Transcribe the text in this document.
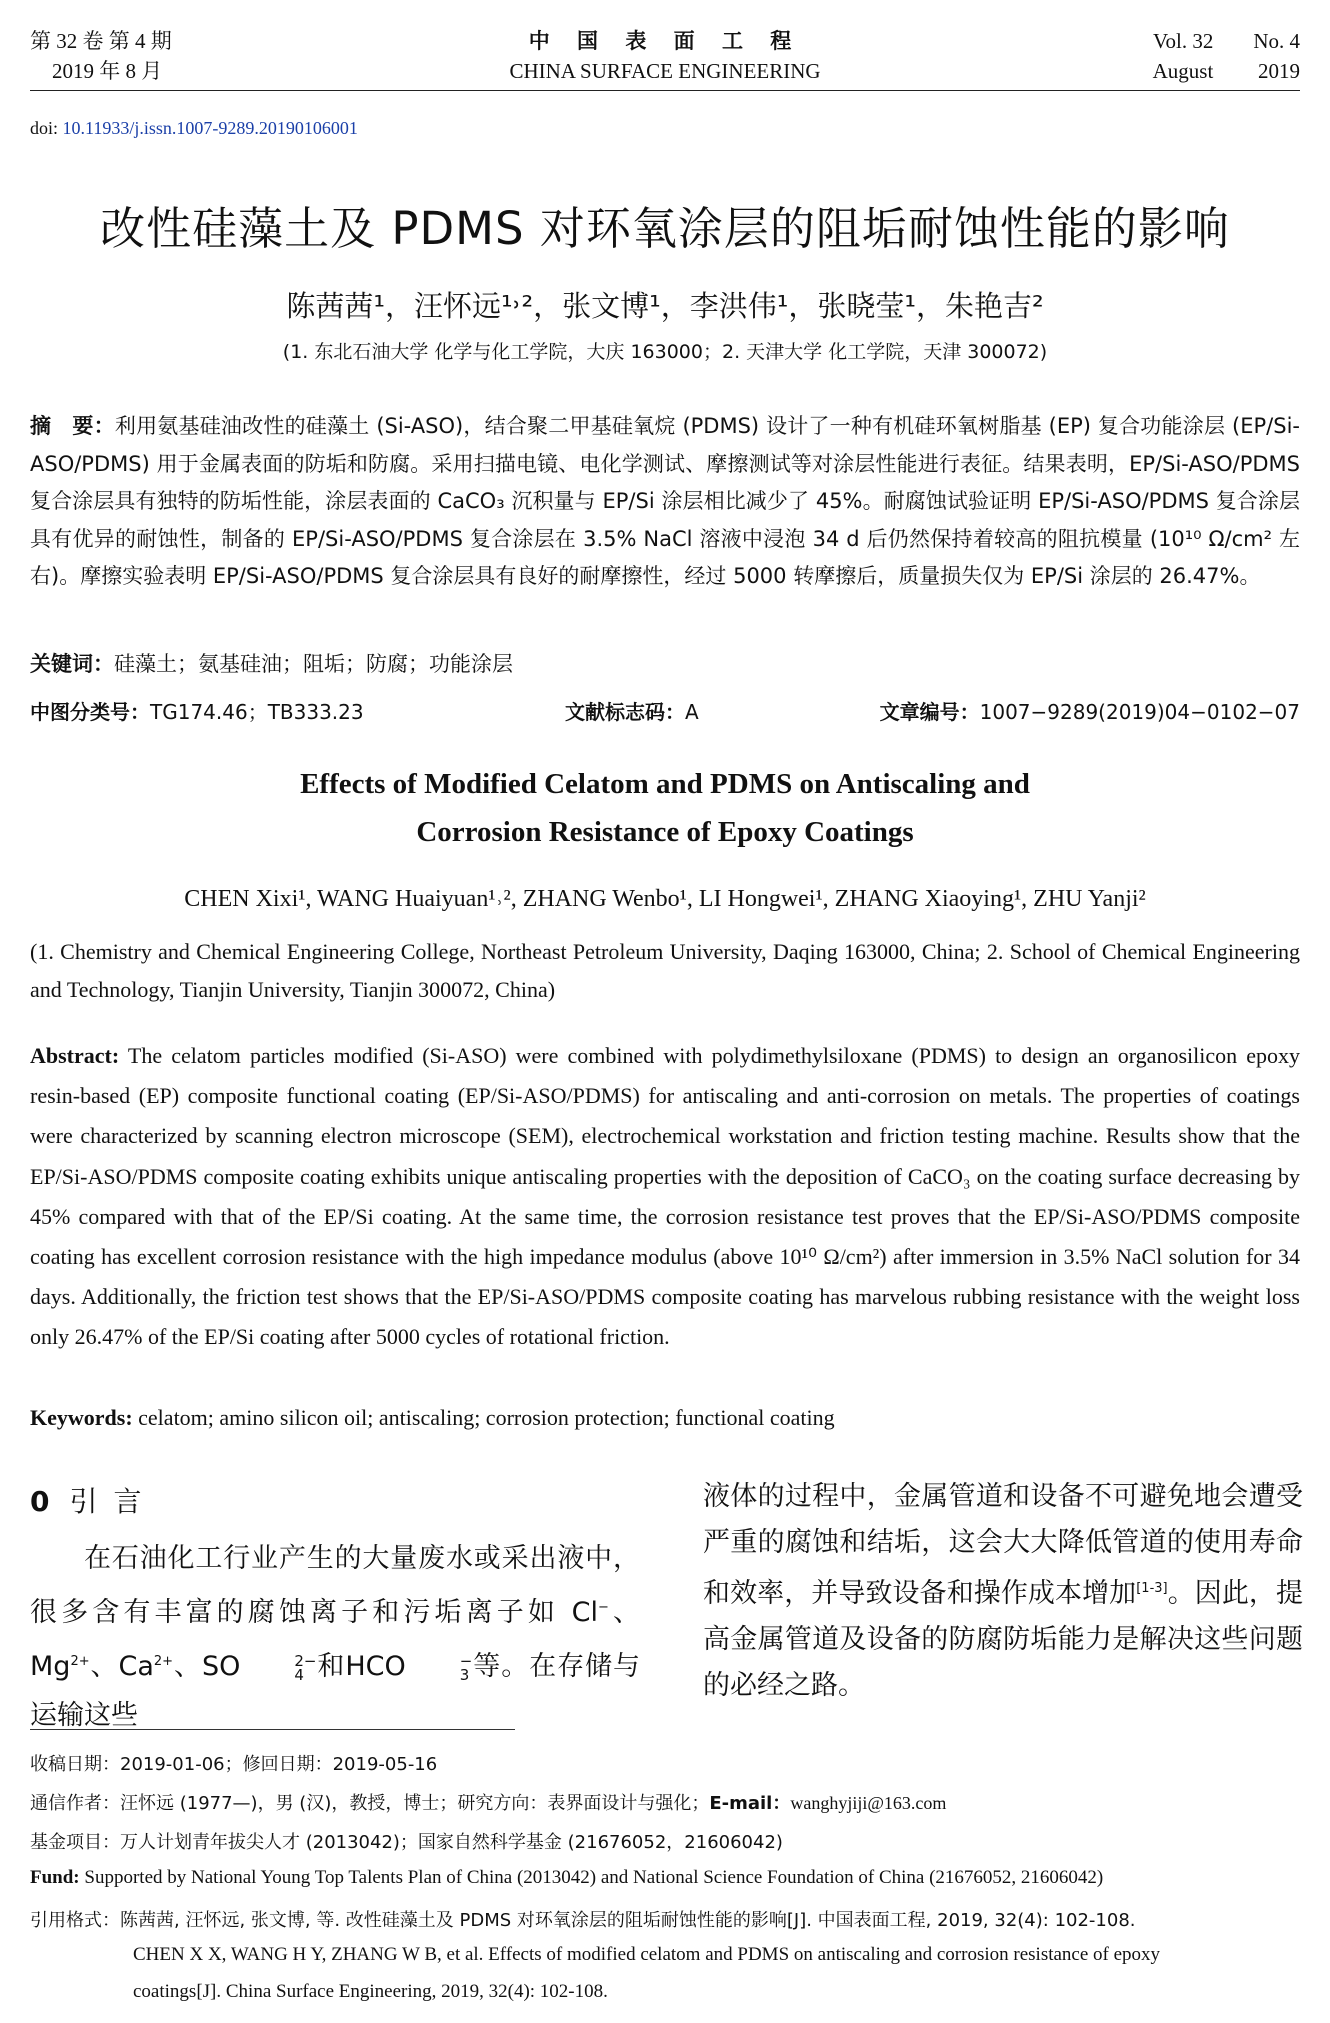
第 32 卷 第 4 期
2019 年 8 月
中 国 表 面 工 程
CHINA SURFACE ENGINEERING
Vol. 32	No. 4
August	2019
doi: 10.11933/j.issn.1007-9289.20190106001
改性硅藻土及 PDMS 对环氧涂层的阻垢耐蚀性能的影响
陈茜茜¹，汪怀远¹˒²，张文博¹，李洪伟¹，张晓莹¹，朱艳吉²
(1. 东北石油大学 化学与化工学院，大庆 163000；2. 天津大学 化工学院，天津 300072)
摘　要：利用氨基硅油改性的硅藻土 (Si-ASO)，结合聚二甲基硅氧烷 (PDMS) 设计了一种有机硅环氧树脂基 (EP) 复合功能涂层 (EP/Si-ASO/PDMS) 用于金属表面的防垢和防腐。采用扫描电镜、电化学测试、摩擦测试等对涂层性能进行表征。结果表明，EP/Si-ASO/PDMS 复合涂层具有独特的防垢性能，涂层表面的 CaCO₃ 沉积量与 EP/Si 涂层相比减少了 45%。耐腐蚀试验证明 EP/Si-ASO/PDMS 复合涂层具有优异的耐蚀性，制备的 EP/Si-ASO/PDMS 复合涂层在 3.5% NaCl 溶液中浸泡 34 d 后仍然保持着较高的阻抗模量 (10¹⁰ Ω/cm² 左右)。摩擦实验表明 EP/Si-ASO/PDMS 复合涂层具有良好的耐摩擦性，经过 5000 转摩擦后，质量损失仅为 EP/Si 涂层的 26.47%。
关键词：硅藻土；氨基硅油；阻垢；防腐；功能涂层
中图分类号：TG174.46；TB333.23	文献标志码：A	文章编号：1007−9289(2019)04−0102−07
Effects of Modified Celatom and PDMS on Antiscaling and
Corrosion Resistance of Epoxy Coatings
CHEN Xixi¹, WANG Huaiyuan¹˒², ZHANG Wenbo¹, LI Hongwei¹, ZHANG Xiaoying¹, ZHU Yanji²
(1. Chemistry and Chemical Engineering College, Northeast Petroleum University, Daqing 163000, China; 2. School of Chemical Engineering and Technology, Tianjin University, Tianjin 300072, China)
Abstract: The celatom particles modified (Si-ASO) were combined with polydimethylsiloxane (PDMS) to design an organosilicon epoxy resin-based (EP) composite functional coating (EP/Si-ASO/PDMS) for antiscaling and anti-corrosion on metals. The properties of coatings were characterized by scanning electron microscope (SEM), electrochemical workstation and friction testing machine. Results show that the EP/Si-ASO/PDMS composite coating exhibits unique antiscaling properties with the deposition of CaCO₃ on the coating surface decreasing by 45% compared with that of the EP/Si coating. At the same time, the corrosion resistance test proves that the EP/Si-ASO/PDMS composite coating has excellent corrosion resistance with the high impedance modulus (above 10¹⁰ Ω/cm²) after immersion in 3.5% NaCl solution for 34 days. Additionally, the friction test shows that the EP/Si-ASO/PDMS composite coating has marvelous rubbing resistance with the weight loss only 26.47% of the EP/Si coating after 5000 cycles of rotational friction.
Keywords: celatom; amino silicon oil; antiscaling; corrosion protection; functional coating
0 引言

在石油化工行业产生的大量废水或采出液中，很多含有丰富的腐蚀离子和污垢离子如 Cl−、$Mg^{2+}$、$Ca^{2+}$、SO	2−
4 和HCO	−
3 等。在存储与运输这些

液体的过程中，金属管道和设备不可避免地会遭受严重的腐蚀和结垢，这会大大降低管道的使用寿命和效率，并导致设备和操作成本增加[1-3]。因此，提高金属管道及设备的防腐防垢能力是解决这些问题的必经之路。
收稿日期：2019-01-06；修回日期：2019-05-16
通信作者：汪怀远 (1977—)，男 (汉)，教授，博士；研究方向：表界面设计与强化；E-mail：wanghyjiji@163.com
基金项目：万人计划青年拔尖人才 (2013042)；国家自然科学基金 (21676052，21606042)
Fund: Supported by National Young Top Talents Plan of China (2013042) and National Science Foundation of China (21676052, 21606042)
引用格式：陈茜茜, 汪怀远, 张文博, 等. 改性硅藻土及 PDMS 对环氧涂层的阻垢耐蚀性能的影响[J]. 中国表面工程, 2019, 32(4): 102-108.
CHEN X X, WANG H Y, ZHANG W B, et al. Effects of modified celatom and PDMS on antiscaling and corrosion resistance of epoxy
coatings[J]. China Surface Engineering, 2019, 32(4): 102-108.
